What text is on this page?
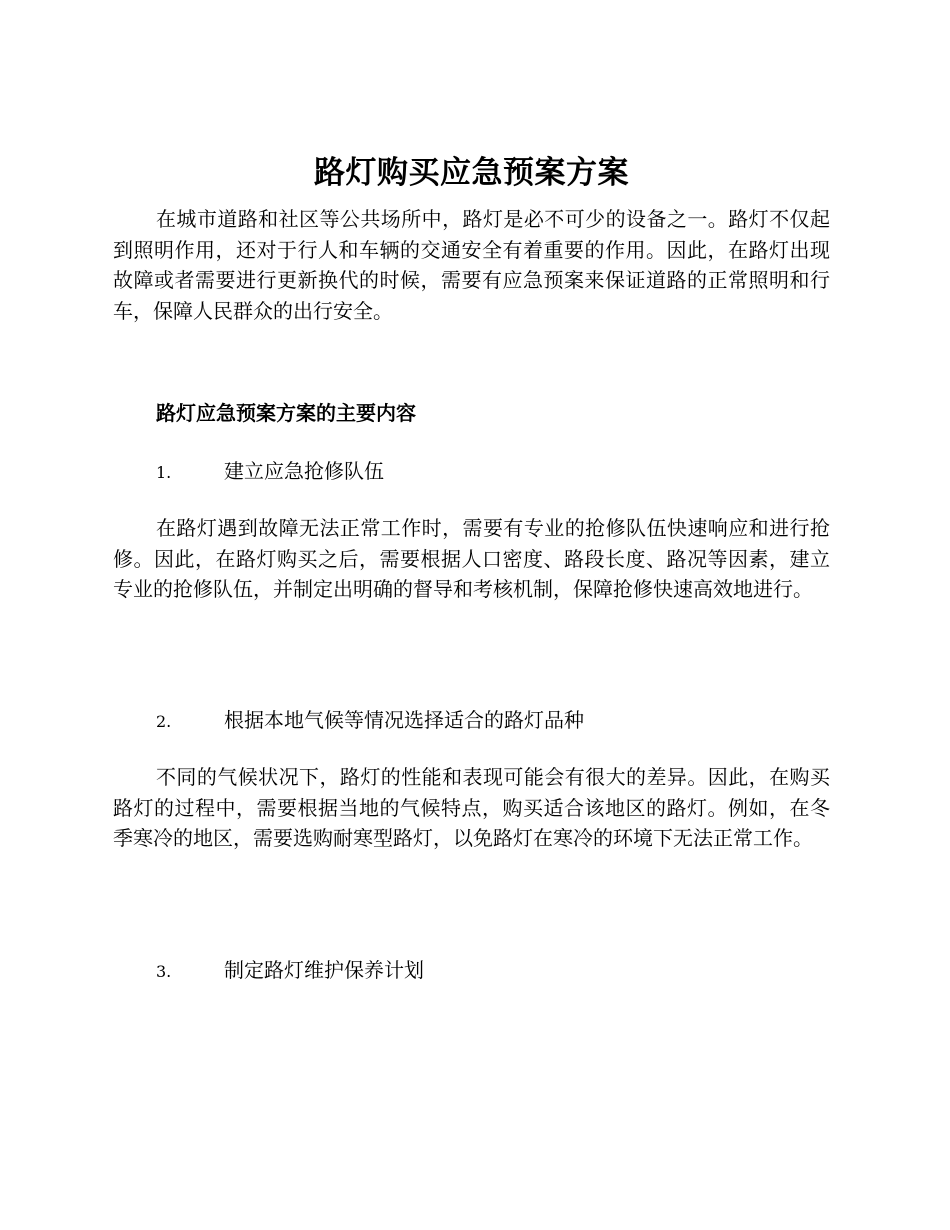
路灯购买应急预案方案

在城市道路和社区等公共场所中，路灯是必不可少的设备之一。路灯不仅起到照明作用，还对于行人和车辆的交通安全有着重要的作用。因此，在路灯出现故障或者需要进行更新换代的时候，需要有应急预案来保证道路的正常照明和行车，保障人民群众的出行安全。

路灯应急预案方案的主要内容

1.	建立应急抢修队伍

在路灯遇到故障无法正常工作时，需要有专业的抢修队伍快速响应和进行抢修。因此，在路灯购买之后，需要根据人口密度、路段长度、路况等因素，建立专业的抢修队伍，并制定出明确的督导和考核机制，保障抢修快速高效地进行。

2.	根据本地气候等情况选择适合的路灯品种

不同的气候状况下，路灯的性能和表现可能会有很大的差异。因此，在购买路灯的过程中，需要根据当地的气候特点，购买适合该地区的路灯。例如，在冬季寒冷的地区，需要选购耐寒型路灯，以免路灯在寒冷的环境下无法正常工作。

3.	制定路灯维护保养计划
